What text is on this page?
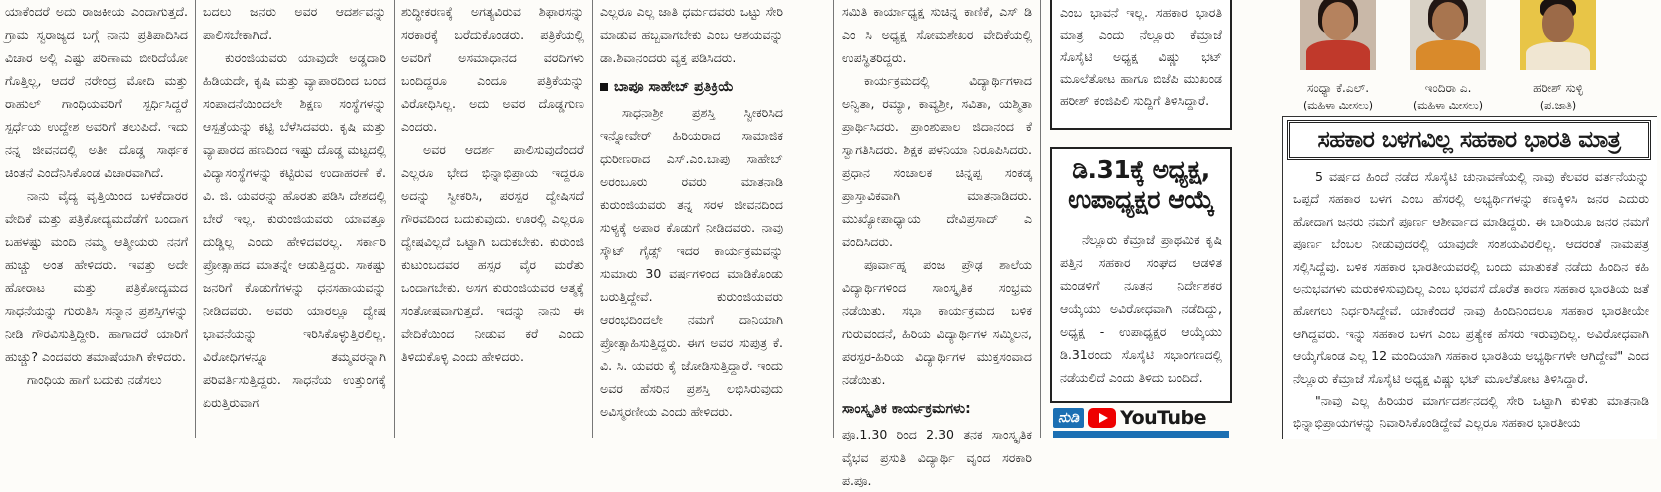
ಯಾಕೆಂದರೆ ಅದು ರಾಜಕೀಯ ಎಂದಾಗುತ್ತದೆ. ಗ್ರಾಮ ಸ್ವರಾಜ್ಯದ ಬಗ್ಗೆ ನಾನು ಪ್ರತಿಪಾದಿಸಿದ ವಿಚಾರ ಅಲ್ಲಿ ಎಷ್ಟು ಪರಿಣಾಮ ಬೀರಿದೆಯೋ ಗೊತ್ತಿಲ್ಲ, ಆದರೆ ನರೇಂದ್ರ ಮೋದಿ ಮತ್ತು ರಾಹುಲ್ ಗಾಂಧಿಯವರಿಗೆ ಸ್ಪರ್ಧಿಸಿದ್ದರೆ ಸ್ಪರ್ಧೆಯ ಉದ್ದೇಶ ಅವರಿಗೆ ತಲುಪಿದೆ. ಇದು ನನ್ನ ಜೀವನದಲ್ಲಿ ಅತೀ ದೊಡ್ಡ ಸಾರ್ಥಕ ಚಿಂತನೆ ಎಂದೆನಿಸಿಕೊಂಡ ವಿಚಾರವಾಗಿದೆ.

ನಾನು ವೈದ್ಯ ವೃತ್ತಿಯಿಂದ ಬಳಕೆದಾರರ ವೇದಿಕೆ ಮತ್ತು ಪತ್ರಿಕೋದ್ಯಮದೆಡೆಗೆ ಬಂದಾಗ ಬಹಳಷ್ಟು ಮಂದಿ ನಮ್ಮ ಆತ್ಮೀಯರು ನನಗೆ ಹುಚ್ಚು ಅಂತ ಹೇಳಿದರು. ಇವತ್ತು ಅದೇ ಹೋರಾಟ ಮತ್ತು ಪತ್ರಿಕೋದ್ಯಮದ ಸಾಧನೆಯನ್ನು ಗುರುತಿಸಿ ಸನ್ಮಾನ ಪ್ರಶಸ್ತಿಗಳನ್ನು ನೀಡಿ ಗೌರವಿಸುತ್ತಿದ್ದೀರಿ. ಹಾಗಾದರೆ ಯಾರಿಗೆ ಹುಚ್ಚು? ಎಂದವರು ತಮಾಷೆಯಾಗಿ ಕೇಳಿದರು.

ಗಾಂಧಿಯ ಹಾಗೆ ಬದುಕು ನಡೆಸಲು

ಬದಲು ಜನರು ಅವರ ಆದರ್ಶವನ್ನು ಪಾಲಿಸಬೇಕಾಗಿದೆ.

ಕುರಂಜಿಯವರು ಯಾವುದೇ ಅಡ್ಡದಾರಿ ಹಿಡಿಯದೇ, ಕೃಷಿ ಮತ್ತು ವ್ಯಾಪಾರದಿಂದ ಬಂದ ಸಂಪಾದನೆಯಿಂದಲೇ ಶಿಕ್ಷಣ ಸಂಸ್ಥೆಗಳನ್ನು ಆಸ್ಪತ್ರೆಯನ್ನು ಕಟ್ಟಿ ಬೆಳೆಸಿದವರು. ಕೃಷಿ ಮತ್ತು ವ್ಯಾಪಾರದ ಹಣದಿಂದ ಇಷ್ಟು ದೊಡ್ಡ ಮಟ್ಟದಲ್ಲಿ ವಿದ್ಯಾಸಂಸ್ಥೆಗಳನ್ನು ಕಟ್ಟಿರುವ ಉದಾಹರಣೆ ಕೆ. ವಿ. ಜಿ. ಯವರನ್ನು ಹೊರತು ಪಡಿಸಿ ದೇಶದಲ್ಲಿ ಬೇರೆ ಇಲ್ಲ. ಕುರುಂಜಿಯವರು ಯಾವತ್ತೂ ದುಡ್ಡಿಲ್ಲ ಎಂದು ಹೇಳಿದವರಲ್ಲ. ಸರ್ಕಾರಿ ಪ್ರೋತ್ಸಾಹದ ಮಾತನ್ನೇ ಆಡುತ್ತಿದ್ದರು. ಸಾಕಷ್ಟು ಜನರಿಗೆ ಕೊಡುಗೆಗಳನ್ನು ಧನಸಹಾಯವನ್ನು ನೀಡಿದವರು. ಅವರು ಯಾರಲ್ಲೂ ದ್ವೇಷ ಭಾವನೆಯನ್ನು ಇರಿಸಿಕೊಳ್ಳುತ್ತಿರಲಿಲ್ಲ. ವಿರೋಧಿಗಳನ್ನೂ ತಮ್ಮವರನ್ನಾಗಿ ಪರಿವರ್ತಿಸುತ್ತಿದ್ದರು. ಸಾಧನೆಯ ಉತ್ತುಂಗಕ್ಕೆ ಏರುತ್ತಿರುವಾಗ

ಶುದ್ಧೀಕರಣಕ್ಕೆ ಅಗತ್ಯವಿರುವ ಶಿಫಾರಸನ್ನು ಸರಕಾರಕ್ಕೆ ಬರೆದುಕೊಂಡರು. ಪತ್ರಿಕೆಯಲ್ಲಿ ಅವರಿಗೆ ಅಸಮಾಧಾನದ ವರದಿಗಳು ಬಂದಿದ್ದರೂ ಎಂದೂ ಪತ್ರಿಕೆಯನ್ನು ವಿರೋಧಿಸಿಲ್ಲ. ಅದು ಅವರ ದೊಡ್ಡಗುಣ ಎಂದರು.

ಅವರ ಆದರ್ಶ ಪಾಲಿಸುವುದೆಂದರೆ ಎಲ್ಲರೂ ಭೇದ ಭಿನ್ನಾಭಿಪ್ರಾಯ ಇದ್ದರೂ ಅದನ್ನು ಸ್ವೀಕರಿಸಿ, ಪರಸ್ಪರ ದ್ವೇಷಿಸದೆ ಗೌರವದಿಂದ ಬದುಕುವುದು. ಊರಲ್ಲಿ ಎಲ್ಲರೂ ದ್ವೇಷವಿಲ್ಲದೆ ಒಟ್ಟಾಗಿ ಬದುಕಬೇಕು. ಕುರುಂಜಿ ಕುಟುಂಬದವರ ಹಸ್ಸರ ವೈರ ಮರೆತು ಒಂದಾಗಬೇಕು. ಅಸಗ ಕುರುಂಜಿಯವರ ಆತ್ಮಕ್ಕೆ ಸಂತೋಷವಾಗುತ್ತದೆ. ಇದನ್ನು ನಾನು ಈ ವೇದಿಕೆಯಿಂದ ನೀಡುವ ಕರೆ ಎಂದು ತಿಳಿದುಕೊಳ್ಳಿ ಎಂದು ಹೇಳಿದರು.

ಎಲ್ಲರೂ ಎಲ್ಲ ಜಾತಿ ಧರ್ಮದವರು ಒಟ್ಟು ಸೇರಿ ಮಾಡುವ ಹಬ್ಬವಾಗಬೇಕು ಎಂಬ ಆಶಯವನ್ನು ಡಾ.ಶಿವಾನಂದರು ವ್ಯಕ್ತ ಪಡಿಸಿದರು.

ಬಾಪೂ ಸಾಹೇಬ್ ಪ್ರತಿಕ್ರಿಯೆ

ಸಾಧನಾಶ್ರೀ ಪ್ರಶಸ್ತಿ ಸ್ವೀಕರಿಸಿದ ಇನ್ನೋವೇರ್ ಹಿರಿಯರಾದ ಸಾಮಾಜಿಕ ಧುರೀಣರಾದ ಎಸ್.ಎಂ.ಬಾಪು ಸಾಹೇಬ್ ಅರಂಬೂರು ರವರು ಮಾತನಾಡಿ ಕುರುಂಜಿಯವರು ತನ್ನ ಸರಳ ಜೀವನದಿಂದ ಸುಳ್ಯಕ್ಕೆ ಅಪಾರ ಕೊಡುಗೆ ನೀಡಿದವರು. ನಾವು ಸ್ಕೌಟ್ ಗೈಡ್ಸ್ ಇದರ ಕಾರ್ಯಕ್ರಮವನ್ನು ಸುಮಾರು 30 ವರ್ಷಗಳಿಂದ ಮಾಡಿಕೊಂಡು ಬರುತ್ತಿದ್ದೇವೆ. ಕುರುಂಜಿಯವರು ಆರಂಭದಿಂದಲೇ ನಮಗೆ ದಾನಿಯಾಗಿ ಪ್ರೋತ್ಸಾಹಿಸುತ್ತಿದ್ದರು. ಈಗ ಅವರ ಸುಪುತ್ರ ಕೆ. ವಿ. ಸಿ. ಯವರು ಕೈ ಜೋಡಿಸುತ್ತಿದ್ದಾರೆ. ಇಂದು ಅವರ ಹೆಸರಿನ ಪ್ರಶಸ್ತಿ ಲಭಿಸಿರುವುದು ಅವಿಸ್ಮರಣೀಯ ಎಂದು ಹೇಳಿದರು.

ಸಮಿತಿ ಕಾರ್ಯಾಧ್ಯಕ್ಷ ಸುಚಿನ್ನ ಕಾಣಿಕೆ, ಎಸ್ ಡಿ ಎಂ ಸಿ ಅಧ್ಯಕ್ಷ ಸೋಮಶೇಖರ ವೇದಿಕೆಯಲ್ಲಿ ಉಪಸ್ಥಿತರಿದ್ದರು.

ಕಾರ್ಯಕ್ರಮದಲ್ಲಿ ವಿದ್ಯಾರ್ಥಿಗಳಾದ ಅನ್ವಿತಾ, ರಮ್ಯಾ, ಕಾವ್ಯಶ್ರೀ, ಸವಿತಾ, ಯಶ್ಮಿತಾ ಪ್ರಾರ್ಥಿಸಿದರು. ಪ್ರಾಂಶುಪಾಲ ಜಿದಾನಂದ ಕೆ ಸ್ವಾಗತಿಸಿದರು. ಶಿಕ್ಷಕ ಪಳನಿಯಾ ನಿರೂಪಿಸಿದರು. ಪ್ರಧಾನ ಸಂಚಾಲಕ ಚಿನ್ನಪ್ಪ ಸಂಕಡ್ಕ ಪ್ರಾಸ್ತಾವಿಕವಾಗಿ ಮಾತನಾಡಿದರು. ಮುಖ್ಯೋಪಾಧ್ಯಾಯ ದೇವಿಪ್ರಸಾದ್ ಎ ವಂದಿಸಿದರು.

ಪೂರ್ವಾಹ್ನ ಪಂಜ ಪ್ರೌಢ ಶಾಲೆಯ ವಿದ್ಯಾರ್ಥಿಗಳಿಂದ ಸಾಂಸ್ಕೃತಿಕ ಸಂಭ್ರಮ ನಡೆಯಿತು. ಸಭಾ ಕಾರ್ಯಕ್ರಮದ ಬಳಿಕ ಗುರುವಂದನೆ, ಹಿರಿಯ ವಿದ್ಯಾರ್ಥಿಗಳ ಸಮ್ಮಿಲನ, ಪರಸ್ಪರ-ಹಿರಿಯ ವಿದ್ಯಾರ್ಥಿಗಳ ಮುಕ್ತಸಂವಾದ ನಡೆಯಿತು.

ಸಾಂಸ್ಕೃತಿಕ ಕಾರ್ಯಕ್ರಮಗಳು:

ಪೂ.1.30 ರಿಂದ 2.30 ತನಕ ಸಾಂಸ್ಕೃತಿಕ ವೈಭವ ಪ್ರಸುತಿ ವಿದ್ಯಾರ್ಥಿ ವೃಂದ ಸರಕಾರಿ ಪ.ಪೂ.

ಎಂಬ ಭಾವನೆ ಇಲ್ಲ. ಸಹಕಾರ ಭಾರತಿ ಮಾತ್ರ ಎಂದು ನೆಲ್ಲೂರು ಕೆಮ್ರಾಜೆ ಸೊಸೈಟಿ ಅಧ್ಯಕ್ಷ ವಿಷ್ಣು ಭಟ್ ಮೂಲೆತೋಟ ಹಾಗೂ ಬಿಜೆಪಿ ಮುಖಂಡ ಹರೀಶ್ ಕಂಜಿಪಿಲಿ ಸುದ್ದಿಗೆ ತಿಳಿಸಿದ್ದಾರೆ.

ಡಿ.31ಕ್ಕೆ ಅಧ್ಯಕ್ಷ, ಉಪಾಧ್ಯಕ್ಷರ ಆಯ್ಕೆ

ನೆಲ್ಲೂರು ಕೆಮ್ರಾಜೆ ಪ್ರಾಥಮಿಕ ಕೃಷಿ ಪತ್ತಿನ ಸಹಕಾರ ಸಂಘದ ಆಡಳಿತ ಮಂಡಳಿಗೆ ನೂತನ ನಿರ್ದೇಶಕರ ಆಯ್ಕೆಯು ಅವಿರೋಧವಾಗಿ ನಡೆದಿದ್ದು, ಅಧ್ಯಕ್ಷ - ಉಪಾಧ್ಯಕ್ಷರ ಆಯ್ಕೆಯು ಡಿ.31ರಂದು ಸೊಸೈಟಿ ಸಭಾಂಗಣದಲ್ಲಿ ನಡೆಯಲಿದೆ ಎಂದು ತಿಳಿದು ಬಂದಿದೆ.

ನುಡಿ YouTube
ಸಂಧ್ಯಾ ಕೆ.ಎಲ್.
(ಮಹಿಳಾ ಮೀಸಲು)
ಇಂದಿರಾ ಎ.
(ಮಹಿಳಾ ಮೀಸಲು)
ಹರೀಶ್ ಸುಳ್ಳಿ
(ಪ.ಜಾತಿ)
ಸಹಕಾರ ಬಳಗವಿಲ್ಲ ಸಹಕಾರ ಭಾರತಿ ಮಾತ್ರ

5 ವರ್ಷದ ಹಿಂದೆ ನಡೆದ ಸೊಸೈಟಿ ಚುನಾವಣೆಯಲ್ಲಿ ನಾವು ಕೆಲವರ ವರ್ತನೆಯನ್ನು ಒಪ್ಪದೆ ಸಹಕಾರ ಬಳಗ ಎಂಬ ಹೆಸರಲ್ಲಿ ಅಭ್ಯರ್ಥಿಗಳನ್ನು ಕಣಕ್ಕಿಳಿಸಿ ಜನರ ಎದುರು ಹೋದಾಗ ಜನರು ನಮಗೆ ಪೂರ್ಣ ಆಶೀರ್ವಾದ ಮಾಡಿದ್ದರು. ಈ ಬಾರಿಯೂ ಜನರ ನಮಗೆ ಪೂರ್ಣ ಬೆಂಬಲ ನೀಡುವುದರಲ್ಲಿ ಯಾವುದೇ ಸಂಶಯವಿರಲಿಲ್ಲ. ಆದರಂತೆ ನಾಮಪತ್ರ ಸಲ್ಲಿಸಿದ್ದೆವು. ಬಳಿಕ ಸಹಕಾರ ಭಾರತೀಯವರಲ್ಲಿ ಬಂದು ಮಾತುಕತೆ ನಡೆದು ಹಿಂದಿನ ಕಹಿ ಅನುಭವಗಳು ಮರುಕಳಿಸುವುದಿಲ್ಲ ಎಂಬ ಭರವಸೆ ದೊರೆತ ಕಾರಣ ಸಹಕಾರ ಭಾರತಿಯ ಜತೆ ಹೋಗಲು ನಿರ್ಧರಿಸಿದ್ದೇವೆ. ಯಾಕೆಂದರೆ ನಾವು ಹಿಂದಿನಿಂದಲೂ ಸಹಕಾರ ಭಾರತೀಯೇ ಆಗಿದ್ದವರು. ಇನ್ನು ಸಹಕಾರ ಬಳಗ ಎಂಬ ಪ್ರತ್ಯೇಕ ಹೆಸರು ಇರುವುದಿಲ್ಲ. ಅವಿರೋಧವಾಗಿ ಆಯ್ಕೆಗೊಂಡ ಎಲ್ಲ 12 ಮಂದಿಯಾಗಿ ಸಹಕಾರ ಭಾರತಿಯ ಅಭ್ಯರ್ಥಿಗಳೇ ಆಗಿದ್ದೇವೆ" ಎಂದ ನೆಲ್ಲೂರು ಕೆಮ್ರಾಜೆ ಸೊಸೈಟಿ ಅಧ್ಯಕ್ಷ ವಿಷ್ಣು ಭಟ್ ಮೂಲೆತೋಟ ತಿಳಿಸಿದ್ದಾರೆ.

"ನಾವು ಎಲ್ಲ ಹಿರಿಯರ ಮಾರ್ಗದರ್ಶನದಲ್ಲಿ ಸೇರಿ ಒಟ್ಟಾಗಿ ಕುಳಿತು ಮಾತನಾಡಿ ಭಿನ್ನಾಭಿಪ್ರಾಯಗಳನ್ನು ನಿವಾರಿಸಿಕೊಂಡಿದ್ದೇವೆ ಎಲ್ಲರೂ ಸಹಕಾರ ಭಾರತೀಯ
